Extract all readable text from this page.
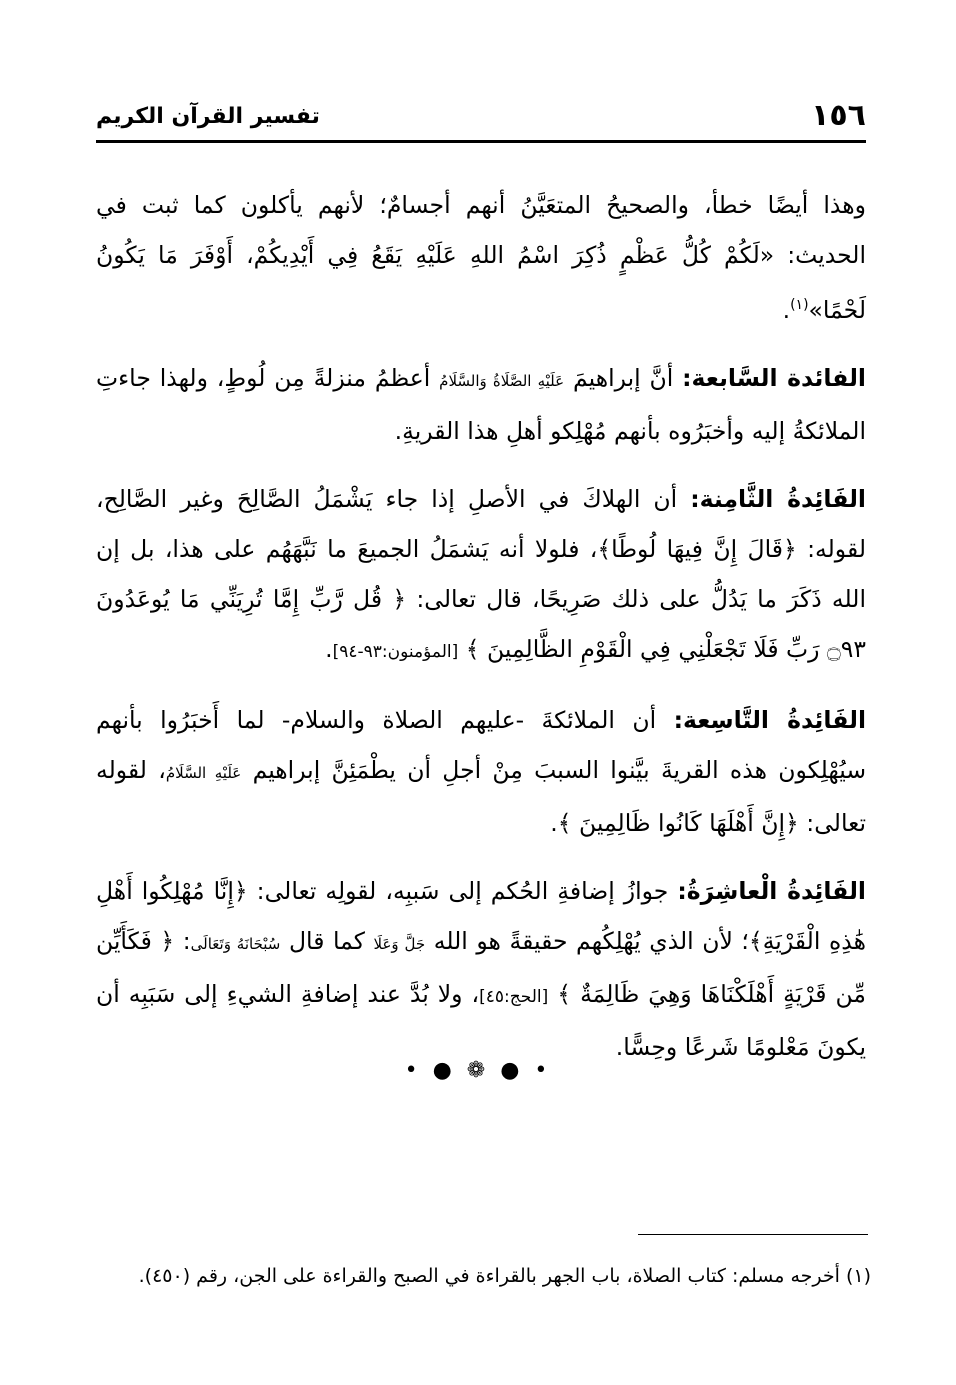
١٥٦
تفسير القرآن الكريم

وهذا أيضًا خطأ، والصحيحُ المتعَيَّنُ أنهم أجسامٌ؛ لأنهم يأكلون كما ثبت في الحديث: «لَكُمْ كُلُّ عَظْمٍ ذُكِرَ اسْمُ اللهِ عَلَيْهِ يَقَعُ فِي أَيْدِيكُمْ، أَوْفَرَ مَا يَكُونُ لَحْمًا»$^{(١)}$.

الفائدة السَّابعة: أنَّ إبراهيمَ عَلَيْهِ الصَّلَاةُ وَالسَّلَامُ أعظمُ منزلةً مِن لُوطٍ، ولهذا جاءتِ الملائكةُ إليه وأخبَرُوه بأنهم مُهْلِكو أهلِ هذا القريةِ.

الفَائِدةُ الثَّامِنة: أن الهلاكَ في الأصلِ إذا جاء يَشْمَلُ الصَّالِحَ وغير الصَّالِح، لقوله: ﴿قَالَ إِنَّ فِيهَا لُوطًا﴾، فلولا أنه يَشمَلُ الجميعَ ما نَبَّهَهُم على هذا، بل إن الله ذَكَرَ ما يَدُلُّ على ذلك صَرِيحًا، قال تعالى: ﴿ قُل رَّبِّ إِمَّا تُرِيَنِّي مَا يُوعَدُونَ ۝٩٣ رَبِّ فَلَا تَجْعَلْنِي فِي الْقَوْمِ الظَّالِمِينَ ﴾ [المؤمنون:٩٣-٩٤].

الفَائِدةُ التَّاسِعة: أن الملائكةَ -عليهم الصلاة والسلام- لما أَخبَرُوا بأنهم سيُهْلِكون هذه القريةَ بيَّنوا السببَ مِنْ أجلِ أن يطْمَئِنَّ إبراهيم عَلَيْهِ السَّلَامُ، لقوله تعالى: ﴿إِنَّ أَهْلَهَا كَانُوا ظَالِمِينَ ﴾.

الفَائِدةُ الْعاشِرَةُ: جوازُ إضافةِ الحُكم إلى سَببِه، لقولِه تعالى: ﴿إِنَّا مُهْلِكُوا أَهْلِ هَٰذِهِ الْقَرْيَةِ﴾؛ لأن الذي يُهْلِكُهم حقيقةً هو الله جَلَّ وَعَلَا كما قال سُبْحَانَهُ وَتَعَالَى: ﴿ فَكَأَيِّن مِّن قَرْيَةٍ أَهْلَكْنَاهَا وَهِيَ ظَالِمَةٌ ﴾ [الحج:٤٥]، ولا بُدَّ عند إضافةِ الشيءِ إلى سَبَبِه أن يكونَ مَعْلومًا شَرعًا وحِسًّا.

• ● ❁ ● •
(١) أخرجه مسلم: كتاب الصلاة، باب الجهر بالقراءة في الصبح والقراءة على الجن، رقم (٤٥٠).
